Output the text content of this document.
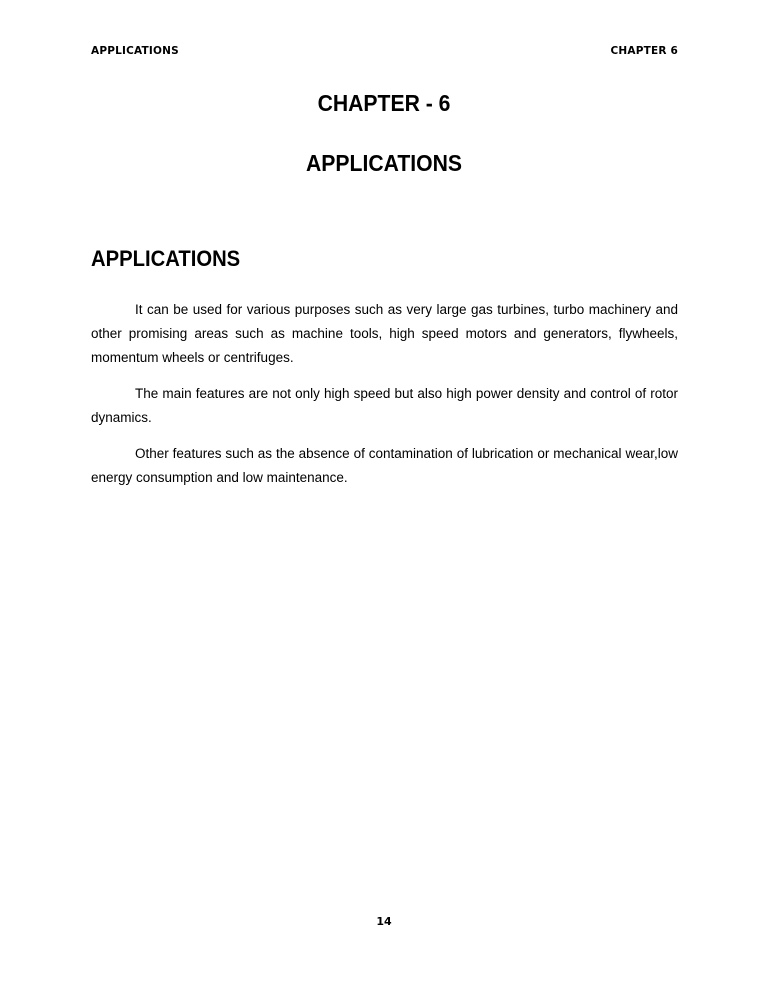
APPLICATIONS	CHAPTER 6
CHAPTER - 6
APPLICATIONS
APPLICATIONS

It can be used for various purposes such as very large gas turbines, turbo machinery and other promising areas such as machine tools, high speed motors and generators, flywheels, momentum wheels or centrifuges.

The main features are not only high speed but also high power density and control of rotor dynamics.

Other features such as the absence of contamination of lubrication or mechanical wear,low energy consumption and low maintenance.

14
